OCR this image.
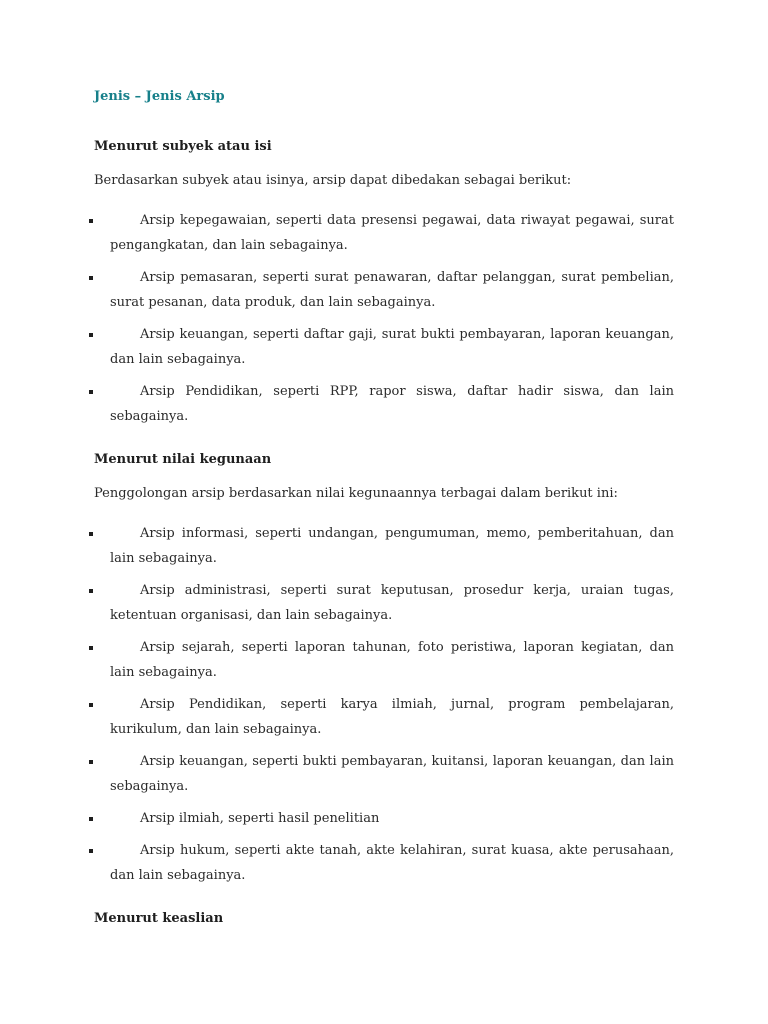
Jenis – Jenis Arsip
Menurut subyek atau isi
Berdasarkan subyek atau isinya, arsip dapat dibedakan sebagai berikut:
Arsip kepegawaian, seperti data presensi pegawai, data riwayat pegawai, surat pengangkatan, dan lain sebagainya.
Arsip pemasaran, seperti surat penawaran, daftar pelanggan, surat pembelian, surat pesanan, data produk, dan lain sebagainya.
Arsip keuangan, seperti daftar gaji, surat bukti pembayaran, laporan keuangan, dan lain sebagainya.
Arsip Pendidikan, seperti RPP, rapor siswa, daftar hadir siswa, dan lain sebagainya.
Menurut nilai kegunaan
Penggolongan arsip berdasarkan nilai kegunaannya terbagai dalam berikut ini:
Arsip informasi, seperti undangan, pengumuman, memo, pemberitahuan, dan lain sebagainya.
Arsip administrasi, seperti surat keputusan, prosedur kerja, uraian tugas, ketentuan organisasi, dan lain sebagainya.
Arsip sejarah, seperti laporan tahunan, foto peristiwa, laporan kegiatan, dan lain sebagainya.
Arsip Pendidikan, seperti karya ilmiah, jurnal, program pembelajaran, kurikulum, dan lain sebagainya.
Arsip keuangan, seperti bukti pembayaran, kuitansi, laporan keuangan, dan lain sebagainya.
Arsip ilmiah, seperti hasil penelitian
Arsip hukum, seperti akte tanah, akte kelahiran, surat kuasa, akte perusahaan, dan lain sebagainya.
Menurut keaslian
